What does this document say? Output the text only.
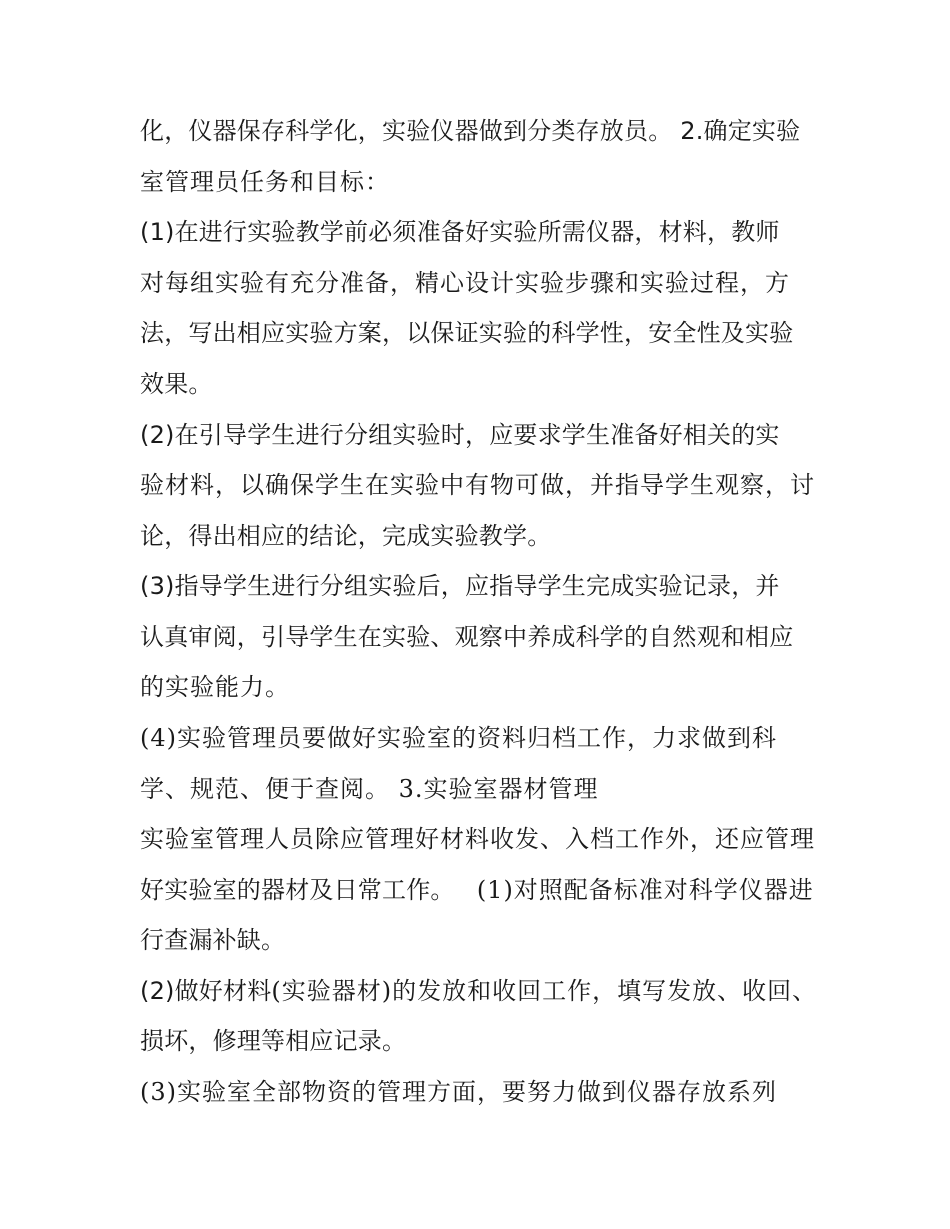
化，仪器保存科学化，实验仪器做到分类存放员。 2.确定实验
室管理员任务和目标：
(1)在进行实验教学前必须准备好实验所需仪器，材料，教师
对每组实验有充分准备，精心设计实验步骤和实验过程，方
法，写出相应实验方案，以保证实验的科学性，安全性及实验
效果。
(2)在引导学生进行分组实验时，应要求学生准备好相关的实
验材料，以确保学生在实验中有物可做，并指导学生观察，讨
论，得出相应的结论，完成实验教学。
(3)指导学生进行分组实验后，应指导学生完成实验记录，并
认真审阅，引导学生在实验、观察中养成科学的自然观和相应
的实验能力。
(4)实验管理员要做好实验室的资料归档工作，力求做到科
学、规范、便于查阅。 3.实验室器材管理
实验室管理人员除应管理好材料收发、入档工作外，还应管理
好实验室的器材及日常工作。 (1)对照配备标准对科学仪器进
行查漏补缺。
(2)做好材料(实验器材)的发放和收回工作，填写发放、收回、
损坏，修理等相应记录。
(3)实验室全部物资的管理方面，要努力做到仪器存放系列
